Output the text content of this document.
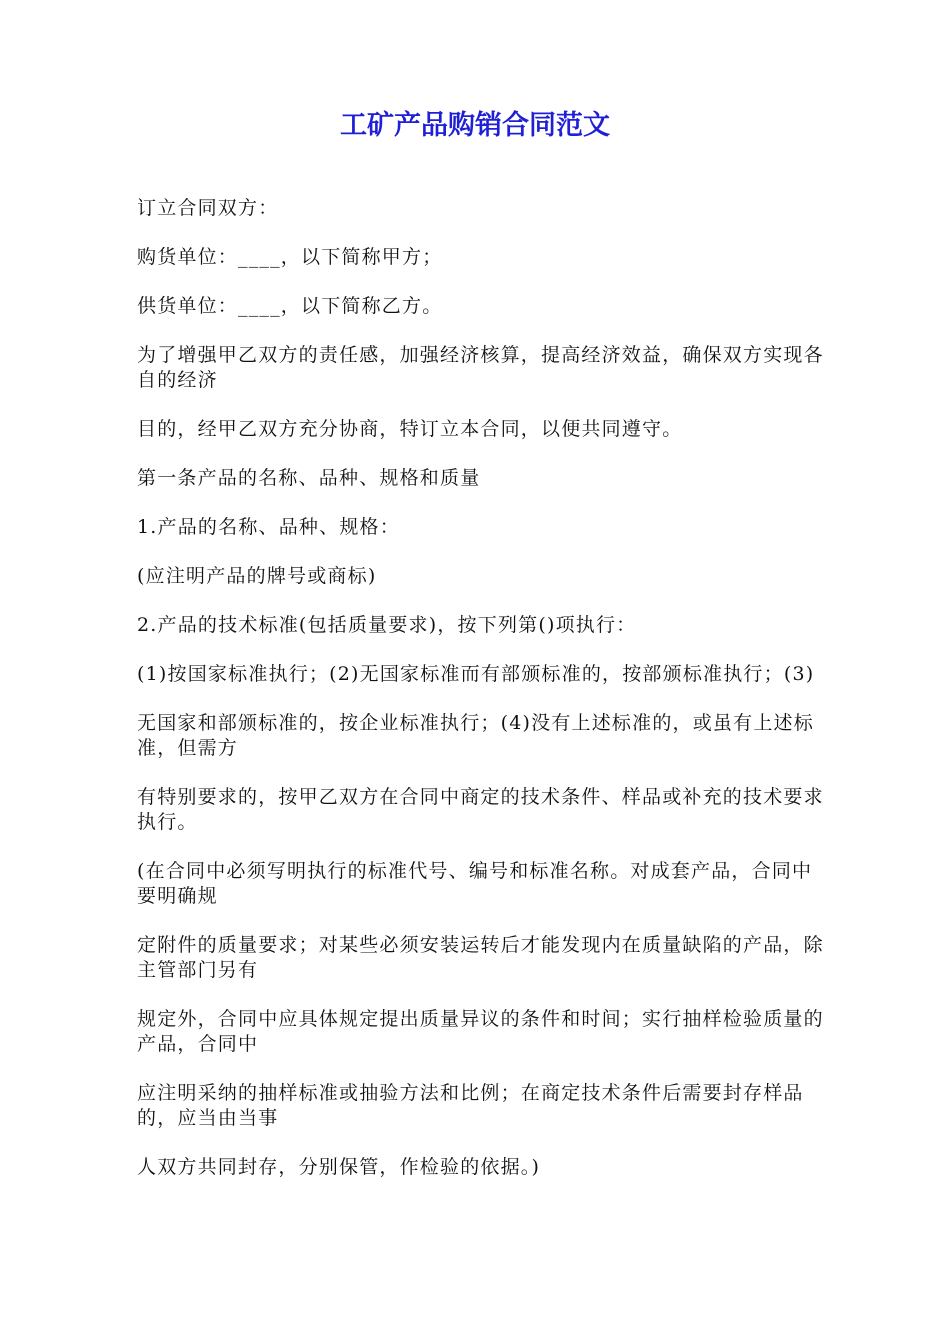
工矿产品购销合同范文

订立合同双方：

购货单位：____，以下简称甲方；

供货单位：____，以下简称乙方。

为了增强甲乙双方的责任感，加强经济核算，提高经济效益，确保双方实现各自的经济

目的，经甲乙双方充分协商，特订立本合同，以便共同遵守。

第一条产品的名称、品种、规格和质量

1.产品的名称、品种、规格：

(应注明产品的牌号或商标)

2.产品的技术标准(包括质量要求)，按下列第()项执行：

(1)按国家标准执行；(2)无国家标准而有部颁标准的，按部颁标准执行；(3)

无国家和部颁标准的，按企业标准执行；(4)没有上述标准的，或虽有上述标准，但需方

有特别要求的，按甲乙双方在合同中商定的技术条件、样品或补充的技术要求执行。

(在合同中必须写明执行的标准代号、编号和标准名称。对成套产品，合同中要明确规

定附件的质量要求；对某些必须安装运转后才能发现内在质量缺陷的产品，除主管部门另有

规定外，合同中应具体规定提出质量异议的条件和时间；实行抽样检验质量的产品，合同中

应注明采纳的抽样标准或抽验方法和比例；在商定技术条件后需要封存样品的，应当由当事

人双方共同封存，分别保管，作检验的依据。)
